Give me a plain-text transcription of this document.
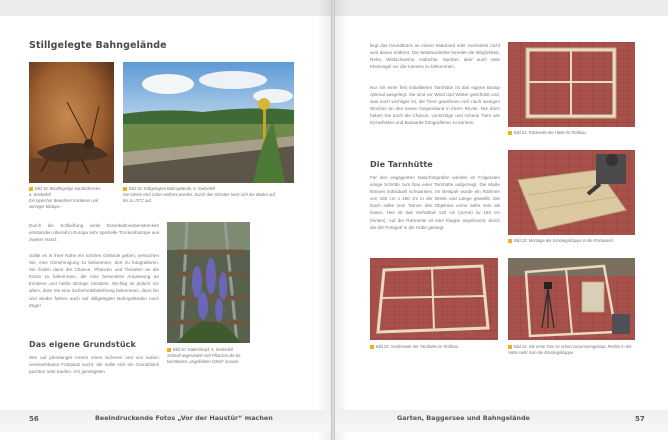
Stillgelegte Bahngelände

Bild 18: Blauflügelige Sandschrecke,
6. Seebefell
Ein typischer Bewohner trockener und
sonniger Biotope.

Bild 19: Stillgelegtes Bahngelände, 6. Seebefell
Die Gleise sind schon entfernt worden. Durch den Schotter heizt sich der Boden auf
bis zu 70°C auf.

Durch die Schließung vieler Eisenbahnnebenstrecken entstanden überall in Europa sehr spezielle Trockenbiotope aus zweiter Hand.

Sollte es in Ihrer Nähe ein solches Gelände geben, versuchen Sie, eine Genehmigung zu bekommen, dort zu fotografieren. Sie finden dann die Chance, Pflanzen und Tierarten an die Kürze zu bekommen, die eine besondere Anpassung an trockene und heiße Biotope besitzen. Wichtig ist jedoch vor allem, dass Sie eine Sicherheitsbelehrung bekommen, denn hin und wieder fahren auch auf stillgelegten Bahngeländen noch Züge!

Bild 20: Natternkopf, 6. Seebefell
Schnell angesiedelt sich Pflanzen die be-
kanntesten „ungeliebten Gäste“ zusuch.

Das eigene Grundstück

Wer auf jahrelanger Innere einen sicheren und von außen uneinsehbaren Fotoplatz sucht, der sollte sich ein Grundstück pachten oder kaufen. Am günstigsten

56	Beeindruckende Fotos „Vor der Haustür“ machen

liegt das Grundstück an einem Waldrand oder zumindest nicht weit davon entfernt. Die Waldrandnähe bereitet die Möglichkeit, Rehe, Wildschweine, Habichte, Sperber, aber auch viele Kleinvögel vor die Kamera zu bekommen.

Nur mit einer fest installierten Tarnhütte ist das eigene Biotop optimal ausgelegt. Sie sind vor Wind und Wetter geschützt und, was noch wichtiger ist, die Tiere gewöhnen sich nach wenigen Wochen an den neuen Gegenstand in ihrem Revier. Nur dann haben Sie auch die Chance, vorsichtige und scheue Tiere wie Eichelhäher und Bussarde fotografieren zu können.

Die Tarnhütte

Für den engagierten Naturfotografen werden im Folgenden einige Schritte zum Bau einer Tarnhütte aufgezeigt. Die Maße können individuell schwanken. Im Beispiel wurde ein Rahmen von 160 cm x 160 cm in der Breite und Länge gewählt. Die Dach sollte zum Tarnen des Objektivs vorne tiefer sein als hinten. Hier ist das Verhältnis 140 cm (vorne) zu 160 cm (hinten). Auf der Rückseite ist eine Klappe angebracht, durch die der Fotograf in die Hütte gelangt.

Bild 21: Rückseite der Hütte im Rohbau.

Bild 22: Montage der Einstiegsklappe in die Rückwand.

Bild 23: Vorderseite der Tarnhütte im Rohbau.	Bild 24: Die erste Tarn ist schon zusammengebaut. Rechts in der Hütte sieht man die Einstiegsklappe.

Garten, Baggersee und Bahngelände	57
